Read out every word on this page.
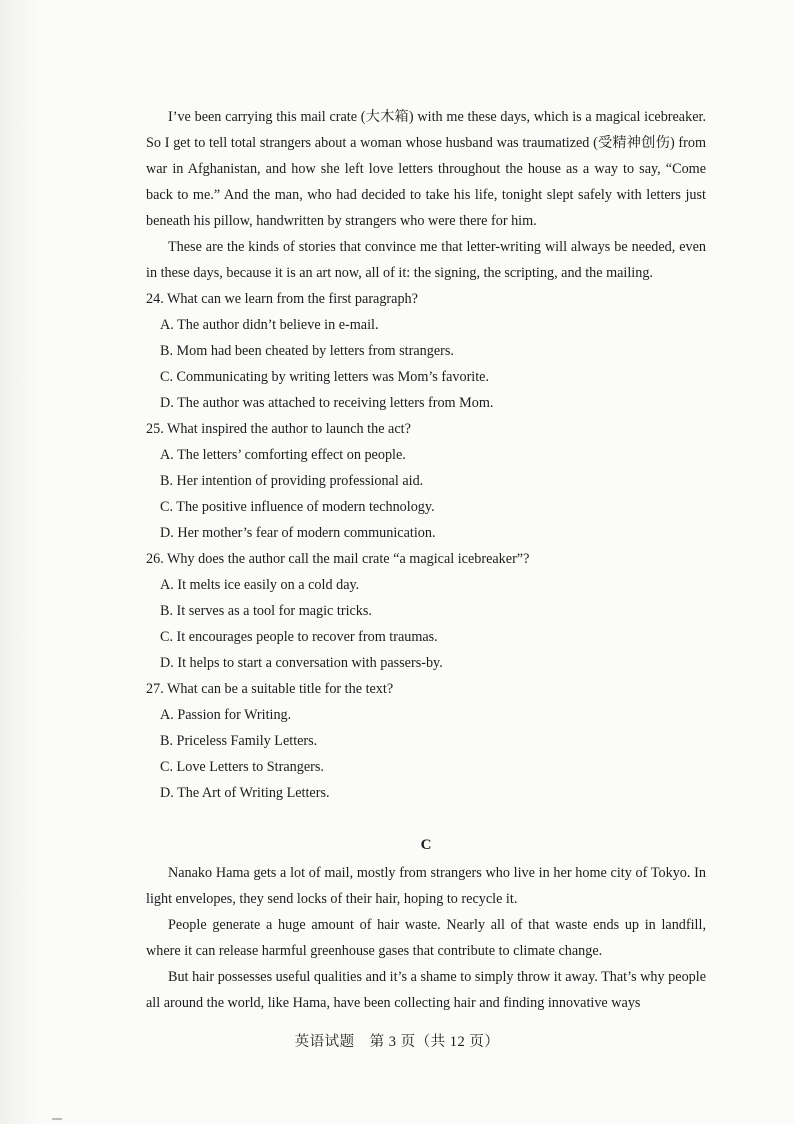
I’ve been carrying this mail crate (大木箱) with me these days, which is a magical icebreaker. So I get to tell total strangers about a woman whose husband was traumatized (受精神创伤) from war in Afghanistan, and how she left love letters throughout the house as a way to say, “Come back to me.” And the man, who had decided to take his life, tonight slept safely with letters just beneath his pillow, handwritten by strangers who were there for him.

These are the kinds of stories that convince me that letter-writing will always be needed, even in these days, because it is an art now, all of it: the signing, the scripting, and the mailing.

24. What can we learn from the first paragraph?

A. The author didn’t believe in e-mail.

B. Mom had been cheated by letters from strangers.

C. Communicating by writing letters was Mom’s favorite.

D. The author was attached to receiving letters from Mom.

25. What inspired the author to launch the act?

A. The letters’ comforting effect on people.

B. Her intention of providing professional aid.

C. The positive influence of modern technology.

D. Her mother’s fear of modern communication.

26. Why does the author call the mail crate “a magical icebreaker”?

A. It melts ice easily on a cold day.

B. It serves as a tool for magic tricks.

C. It encourages people to recover from traumas.

D. It helps to start a conversation with passers-by.

27. What can be a suitable title for the text?

A. Passion for Writing.

B. Priceless Family Letters.

C. Love Letters to Strangers.

D. The Art of Writing Letters.

C

Nanako Hama gets a lot of mail, mostly from strangers who live in her home city of Tokyo. In light envelopes, they send locks of their hair, hoping to recycle it.

People generate a huge amount of hair waste. Nearly all of that waste ends up in landfill, where it can release harmful greenhouse gases that contribute to climate change.

But hair possesses useful qualities and it’s a shame to simply throw it away. That’s why people all around the world, like Hama, have been collecting hair and finding innovative ways

英语试题　第 3 页（共 12 页）
